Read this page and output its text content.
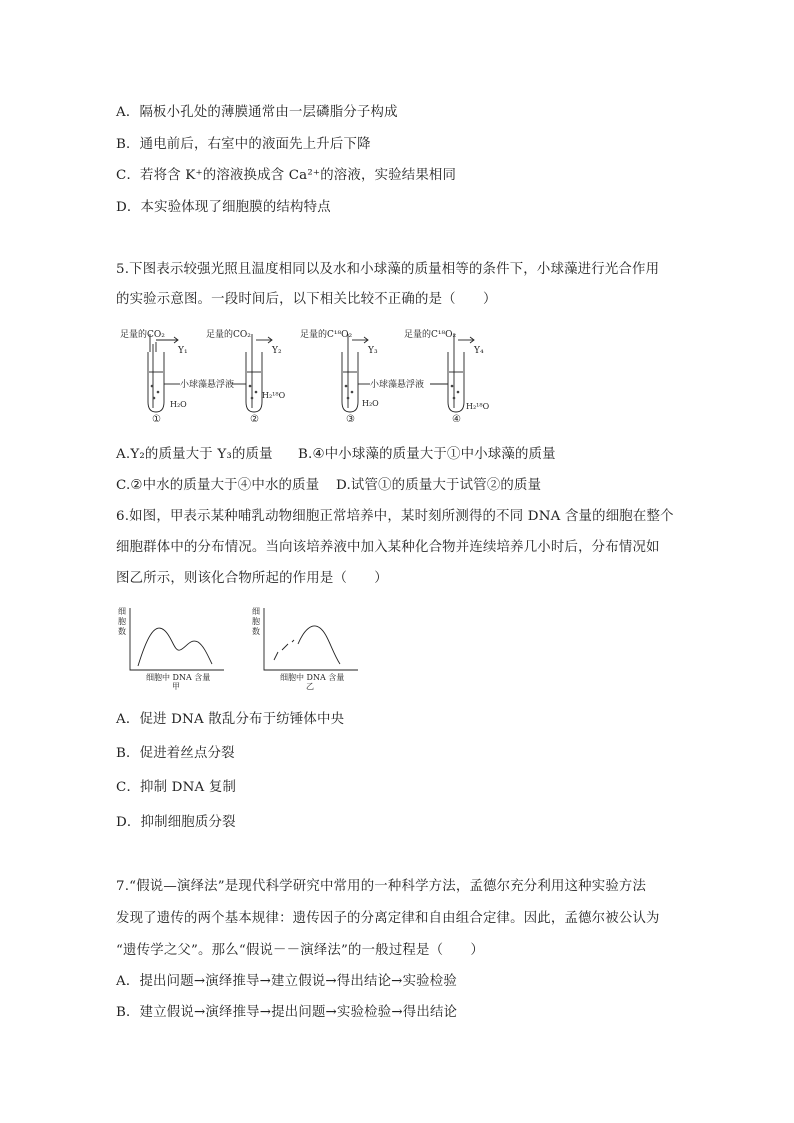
A．隔板小孔处的薄膜通常由一层磷脂分子构成
B．通电前后，右室中的液面先上升后下降
C．若将含 K⁺的溶液换成含 Ca²⁺的溶液，实验结果相同
D．本实验体现了细胞膜的结构特点
5.下图表示较强光照且温度相同以及水和小球藻的质量相等的条件下，小球藻进行光合作用
的实验示意图。一段时间后，以下相关比较不正确的是（　　）
足量的CO₂
Y₁
H₂O
①
足量的CO₂
Y₂
H₂¹⁸O
②
足量的C¹⁸O₂
Y₃
H₂O
③
足量的C¹⁸O₂
Y₄
H₂¹⁸O
④
小球藻悬浮液	小球藻悬浮液
A.Y₂的质量大于 Y₃的质量 B.④中小球藻的质量大于①中小球藻的质量
C.②中水的质量大于④中水的质量 D.试管①的质量大于试管②的质量
6.如图，甲表示某种哺乳动物细胞正常培养中，某时刻所测得的不同 DNA 含量的细胞在整个
细胞群体中的分布情况。当向该培养液中加入某种化合物并连续培养几小时后，分布情况如
图乙所示，则该化合物所起的作用是（　　）
细
胞
数
细胞中 DNA 含量
甲
细
胞
数
细胞中 DNA 含量
乙
A．促进 DNA 散乱分布于纺锤体中央
B．促进着丝点分裂
C．抑制 DNA 复制
D．抑制细胞质分裂
7.“假说—演绎法”是现代科学研究中常用的一种科学方法，孟德尔充分利用这种实验方法
发现了遗传的两个基本规律：遗传因子的分离定律和自由组合定律。因此，孟德尔被公认为
“遗传学之父”。那么“假说－－演绎法”的一般过程是（　　）
A．提出问题→演绎推导→建立假说→得出结论→实验检验
B．建立假说→演绎推导→提出问题→实验检验→得出结论
